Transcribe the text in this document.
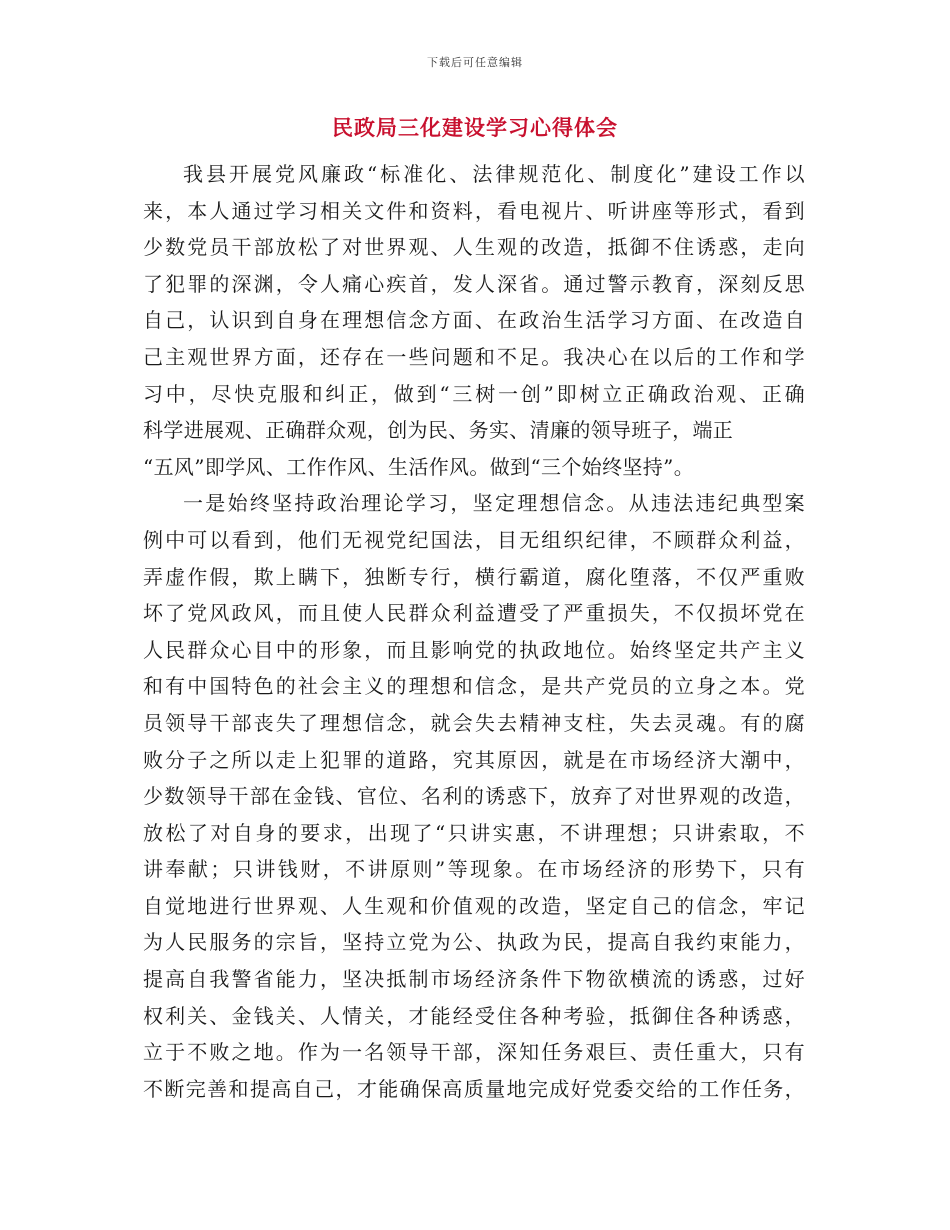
下载后可任意编辑
民政局三化建设学习心得体会
我县开展党风廉政“标准化、法律规范化、制度化”建设工作以
来，本人通过学习相关文件和资料，看电视片、听讲座等形式，看到
少数党员干部放松了对世界观、人生观的改造，抵御不住诱惑，走向
了犯罪的深渊，令人痛心疾首，发人深省。通过警示教育，深刻反思
自己，认识到自身在理想信念方面、在政治生活学习方面、在改造自
己主观世界方面，还存在一些问题和不足。我决心在以后的工作和学
习中，尽快克服和纠正，做到“三树一创”即树立正确政治观、正确
科学进展观、正确群众观，创为民、务实、清廉的领导班子，端正
“五风”即学风、工作作风、生活作风。做到“三个始终坚持”。
一是始终坚持政治理论学习，坚定理想信念。从违法违纪典型案
例中可以看到，他们无视党纪国法，目无组织纪律，不顾群众利益，
弄虚作假，欺上瞒下，独断专行，横行霸道，腐化堕落，不仅严重败
坏了党风政风，而且使人民群众利益遭受了严重损失，不仅损坏党在
人民群众心目中的形象，而且影响党的执政地位。始终坚定共产主义
和有中国特色的社会主义的理想和信念，是共产党员的立身之本。党
员领导干部丧失了理想信念，就会失去精神支柱，失去灵魂。有的腐
败分子之所以走上犯罪的道路，究其原因，就是在市场经济大潮中，
少数领导干部在金钱、官位、名利的诱惑下，放弃了对世界观的改造，
放松了对自身的要求，出现了“只讲实惠，不讲理想；只讲索取，不
讲奉献；只讲钱财，不讲原则”等现象。在市场经济的形势下，只有
自觉地进行世界观、人生观和价值观的改造，坚定自己的信念，牢记
为人民服务的宗旨，坚持立党为公、执政为民，提高自我约束能力，
提高自我警省能力，坚决抵制市场经济条件下物欲横流的诱惑，过好
权利关、金钱关、人情关，才能经受住各种考验，抵御住各种诱惑，
立于不败之地。作为一名领导干部，深知任务艰巨、责任重大，只有
不断完善和提高自己，才能确保高质量地完成好党委交给的工作任务，
